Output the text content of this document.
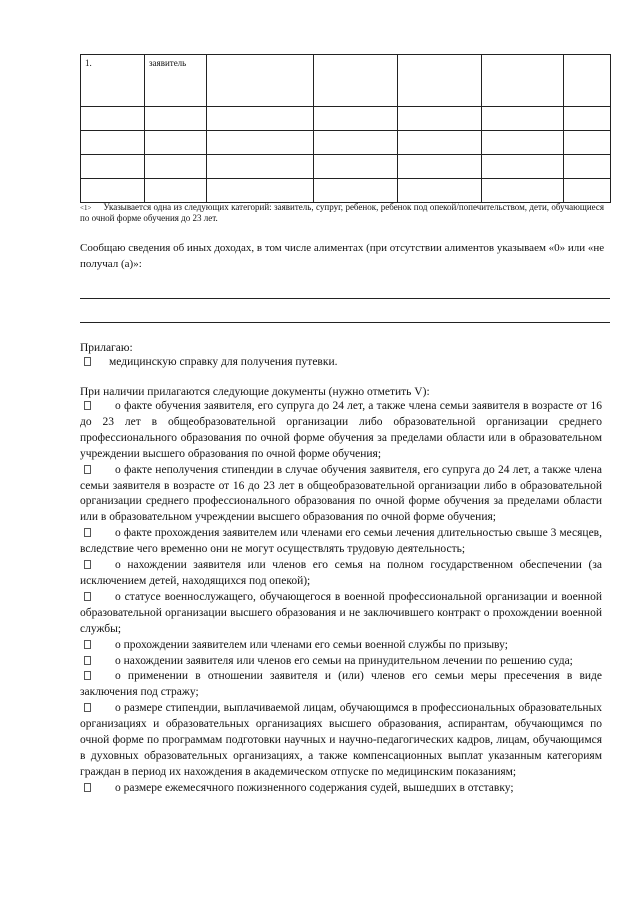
1.	заявитель					

<1> Указывается одна из следующих категорий: заявитель, супруг, ребенок, ребенок под опекой/попечительством, дети, обучающиеся по очной форме обучения до 23 лет.
Сообщаю сведения об иных доходах, в том числе алиментах (при отсутствии алиментов указываем «0» или «не получал (а)»:
Прилагаю:
медицинскую справку для получения путевки.
При наличии прилагаются следующие документы (нужно отметить V):

о факте обучения заявителя, его супруга до 24 лет, а также члена семьи заявителя в возрасте от 16 до 23 лет в общеобразовательной организации либо образовательной организации среднего профессионального образования по очной форме обучения за пределами области или в образовательном учреждении высшего образования по очной форме обучения;

о факте неполучения стипендии в случае обучения заявителя, его супруга до 24 лет, а также члена семьи заявителя в возрасте от 16 до 23 лет в общеобразовательной организации либо в образовательной организации среднего профессионального образования по очной форме обучения за пределами области или в образовательном учреждении высшего образования по очной форме обучения;

о факте прохождения заявителем или членами его семьи лечения длительностью свыше 3 месяцев, вследствие чего временно они не могут осуществлять трудовую деятельность;

о нахождении заявителя или членов его семья на полном государственном обеспечении (за исключением детей, находящихся под опекой);

о статусе военнослужащего, обучающегося в военной профессиональной организации и военной образовательной организации высшего образования и не заключившего контракт о прохождении военной службы;

о прохождении заявителем или членами его семьи военной службы по призыву;

о нахождении заявителя или членов его семьи на принудительном лечении по решению суда;

о применении в отношении заявителя и (или) членов его семьи меры пресечения в виде заключения под стражу;

о размере стипендии, выплачиваемой лицам, обучающимся в профессиональных образовательных организациях и образовательных организациях высшего образования, аспирантам, обучающимся по очной форме по программам подготовки научных и научно-педагогических кадров, лицам, обучающимся в духовных образовательных организациях, а также компенсационных выплат указанным категориям граждан в период их нахождения в академическом отпуске по медицинским показаниям;

о размере ежемесячного пожизненного содержания судей, вышедших в отставку;
